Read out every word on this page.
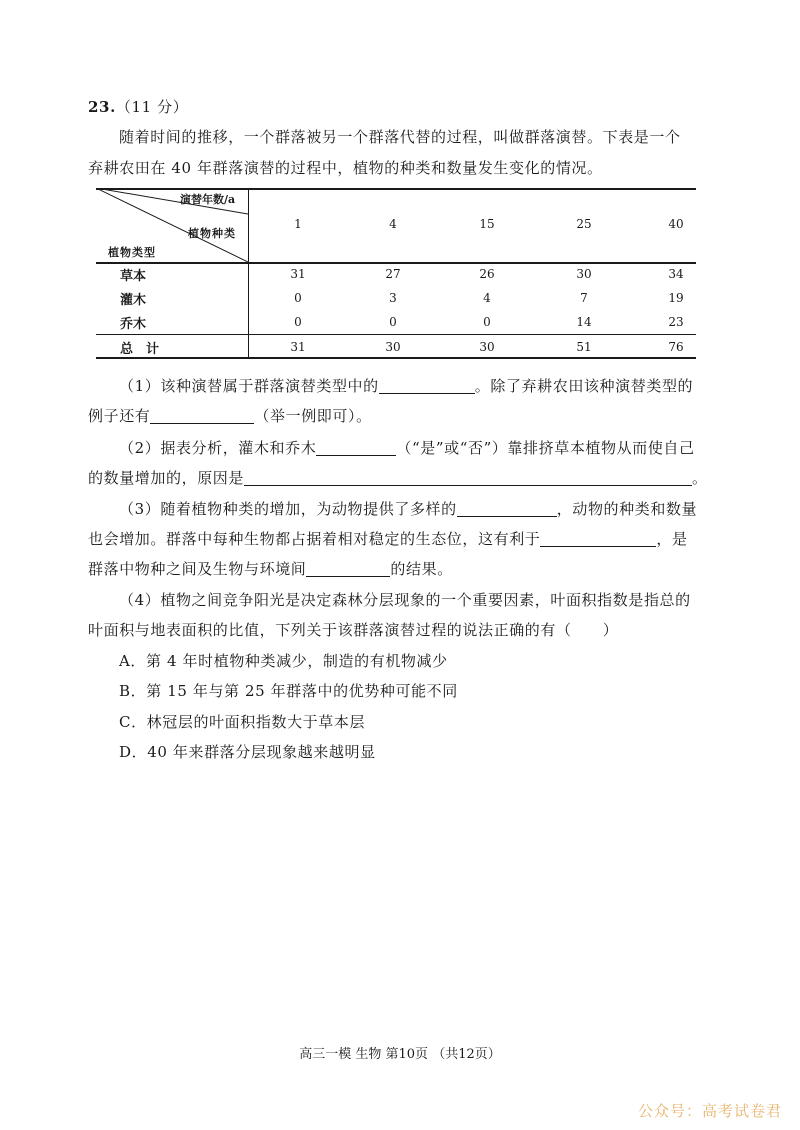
23.（11 分）
随着时间的推移，一个群落被另一个群落代替的过程，叫做群落演替。下表是一个
弃耕农田在 40 年群落演替的过程中，植物的种类和数量发生变化的情况。
演替年数/a
植物种类
植物类型
1	4	15	25	40
草本	31	27	26	30	34
灌木	0	3	4	7	19
乔木	0	0	0	14	23
总　计	31	30	30	51	76
（1）该种演替属于群落演替类型中的	。除了弃耕农田该种演替类型的
例子还有	（举一例即可）。
（2）据表分析，灌木和乔木	（“是”或“否”）靠排挤草本植物从而使自己
的数量增加的，原因是	。
（3）随着植物种类的增加，为动物提供了多样的	，动物的种类和数量
也会增加。群落中每种生物都占据着相对稳定的生态位，这有利于	，是
群落中物种之间及生物与环境间	的结果。
（4）植物之间竞争阳光是决定森林分层现象的一个重要因素，叶面积指数是指总的
叶面积与地表面积的比值，下列关于该群落演替过程的说法正确的有（　　）
A．第 4 年时植物种类减少，制造的有机物减少
B．第 15 年与第 25 年群落中的优势种可能不同
C．林冠层的叶面积指数大于草本层
D．40 年来群落分层现象越来越明显
高三一模 生物 第10页 （共12页）
公众号：高考试卷君
